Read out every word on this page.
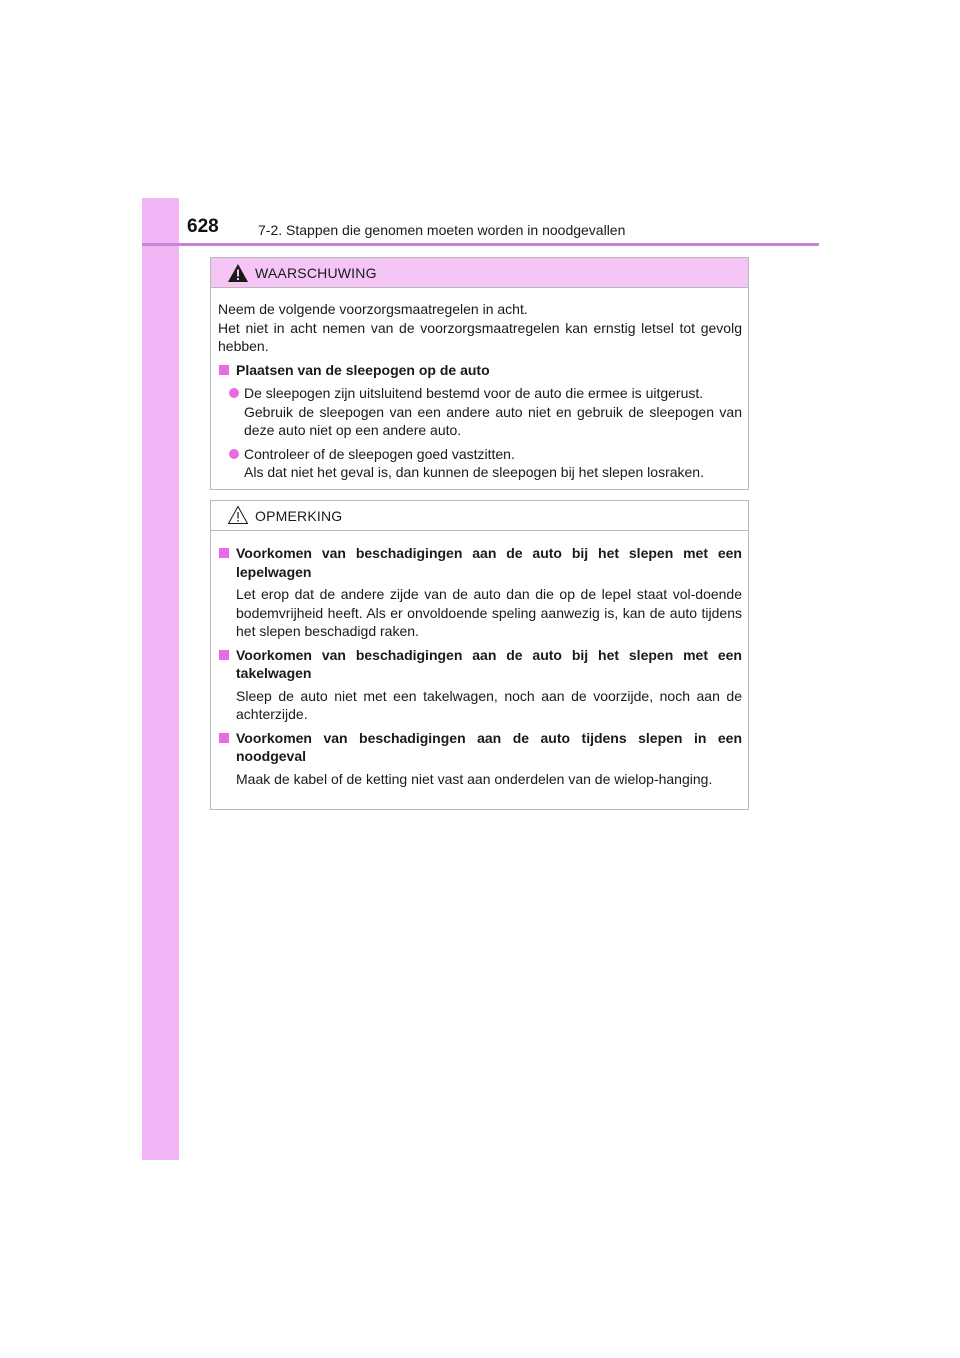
628	7-2. Stappen die genomen moeten worden in noodgevallen
WAARSCHUWING

Neem de volgende voorzorgsmaatregelen in acht.

Het niet in acht nemen van de voorzorgsmaatregelen kan ernstig letsel tot gevolg hebben.

Plaatsen van de sleepogen op de auto
De sleepogen zijn uitsluitend bestemd voor de auto die ermee is uitgerust.
Gebruik de sleepogen van een andere auto niet en gebruik de sleepogen van deze auto niet op een andere auto.
Controleer of de sleepogen goed vastzitten.
Als dat niet het geval is, dan kunnen de sleepogen bij het slepen losraken.
OPMERKING
Voorkomen van beschadigingen aan de auto bij het slepen met een lepelwagen
Let erop dat de andere zijde van de auto dan die op de lepel staat vol-doende bodemvrijheid heeft. Als er onvoldoende speling aanwezig is, kan de auto tijdens het slepen beschadigd raken.
Voorkomen van beschadigingen aan de auto bij het slepen met een takelwagen
Sleep de auto niet met een takelwagen, noch aan de voorzijde, noch aan de achterzijde.
Voorkomen van beschadigingen aan de auto tijdens slepen in een noodgeval
Maak de kabel of de ketting niet vast aan onderdelen van de wielop-hanging.
